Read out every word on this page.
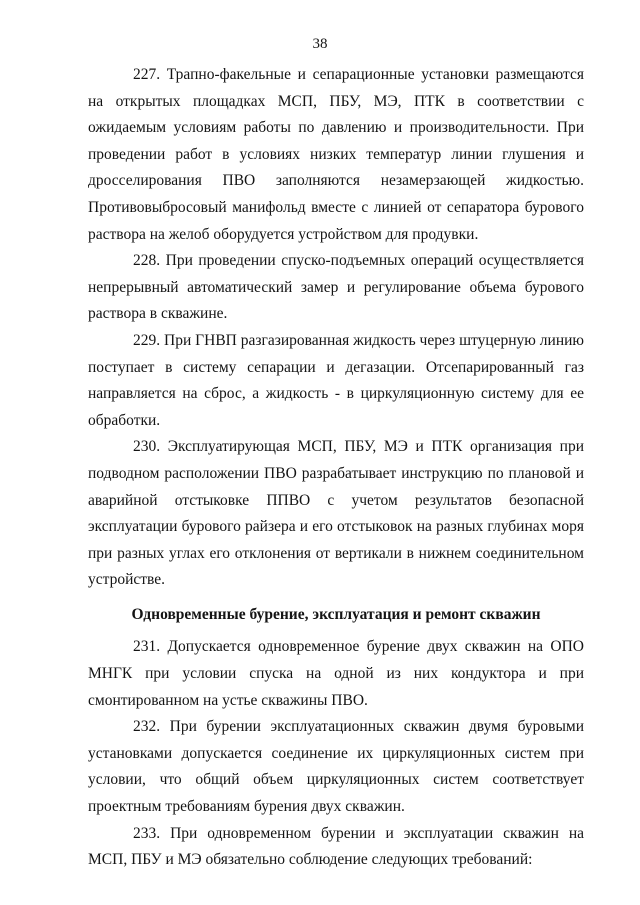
38

227. Трапно-факельные и сепарационные установки размещаются на открытых площадках МСП, ПБУ, МЭ, ПТК в соответствии с ожидаемым условиям работы по давлению и производительности. При проведении работ в условиях низких температур линии глушения и дросселирования ПВО заполняются незамерзающей жидкостью. Противовыбросовый манифольд вместе с линией от сепаратора бурового раствора на желоб оборудуется устройством для продувки.

228. При проведении спуско-подъемных операций осуществляется непрерывный автоматический замер и регулирование объема бурового раствора в скважине.

229. При ГНВП разгазированная жидкость через штуцерную линию поступает в систему сепарации и дегазации. Отсепарированный газ направляется на сброс, а жидкость - в циркуляционную систему для ее обработки.

230. Эксплуатирующая МСП, ПБУ, МЭ и ПТК организация при подводном расположении ПВО разрабатывает инструкцию по плановой и аварийной отстыковке ППВО с учетом результатов безопасной эксплуатации бурового райзера и его отстыковок на разных глубинах моря при разных углах его отклонения от вертикали в нижнем соединительном устройстве.

Одновременные бурение, эксплуатация и ремонт скважин

231. Допускается одновременное бурение двух скважин на ОПО МНГК при условии спуска на одной из них кондуктора и при смонтированном на устье скважины ПВО.

232. При бурении эксплуатационных скважин двумя буровыми установками допускается соединение их циркуляционных систем при условии, что общий объем циркуляционных систем соответствует проектным требованиям бурения двух скважин.

233. При одновременном бурении и эксплуатации скважин на МСП, ПБУ и МЭ обязательно соблюдение следующих требований:
